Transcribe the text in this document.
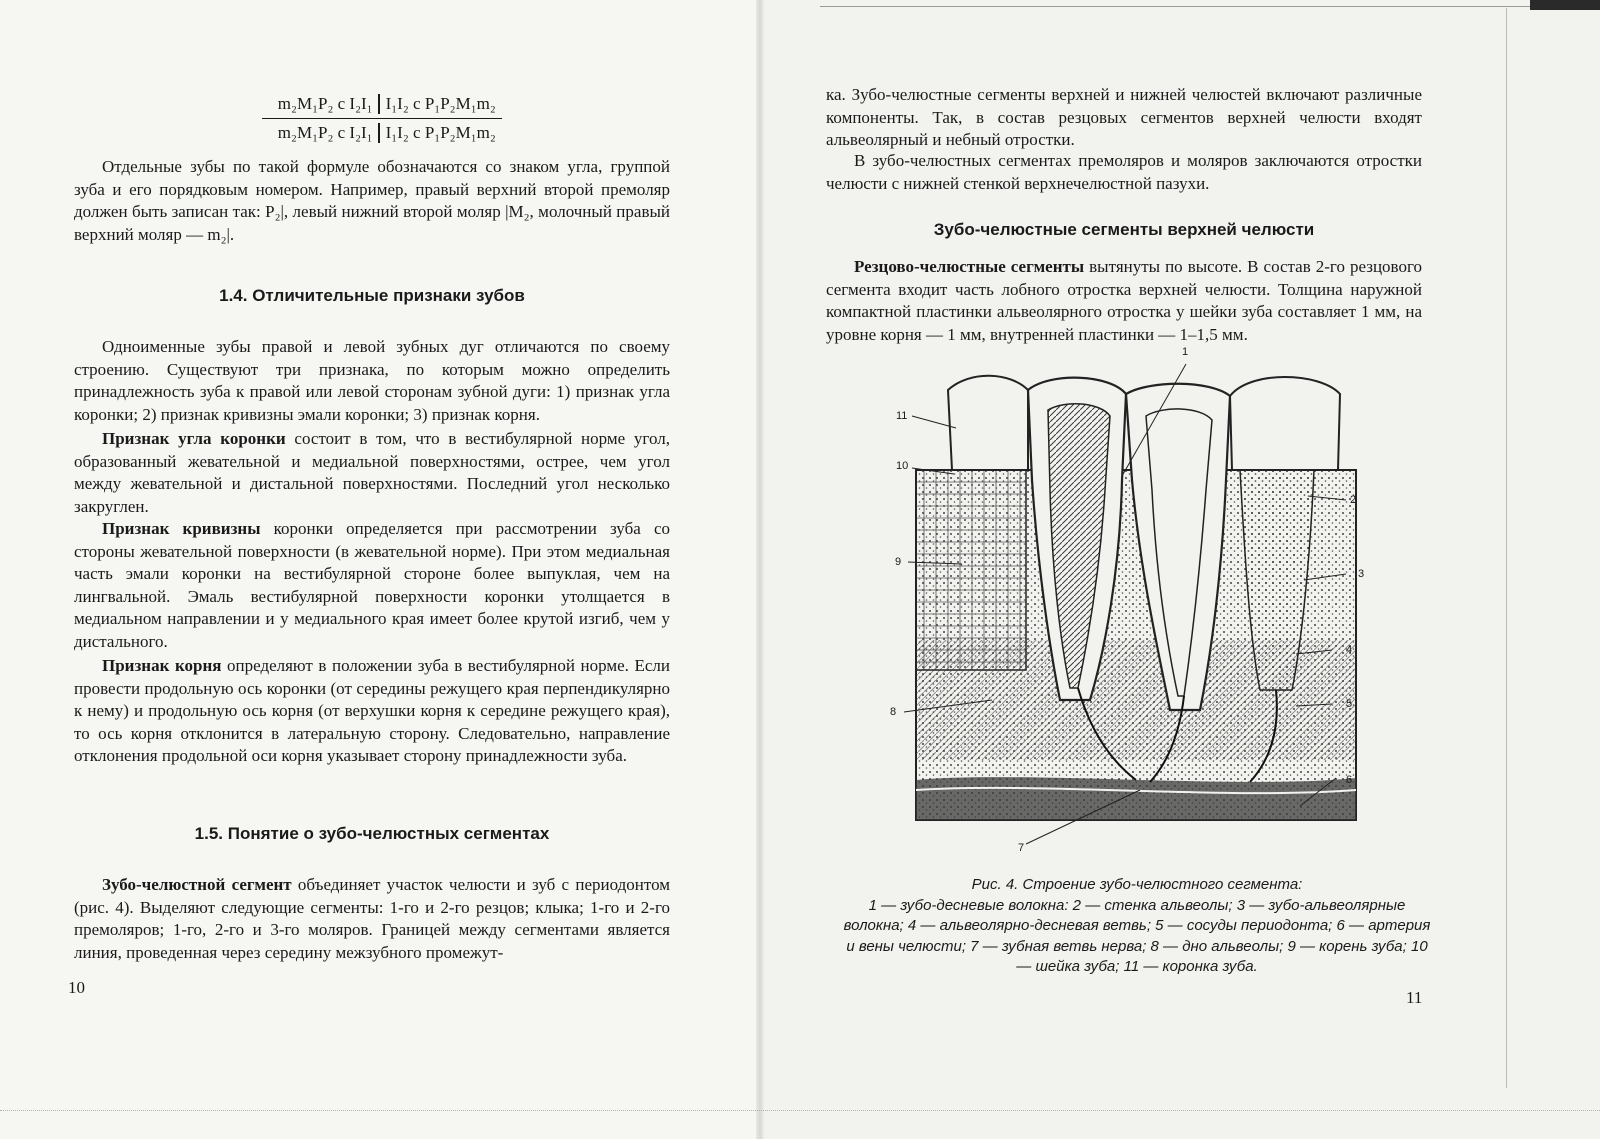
m₂M₁P₂ c I₂I₁ I₁I₂ c P₁P₂M₁m₂
m₂M₁P₂ c I₂I₁ I₁I₂ c P₁P₂M₁m₂

Отдельные зубы по такой формуле обозначаются со знаком угла, группой зуба и его порядковым номером. Например, правый верхний второй премоляр должен быть записан так: P₂|, левый нижний второй моляр |M₂, молочный правый верхний моляр — m₂|.

1.4. Отличительные признаки зубов

Одноименные зубы правой и левой зубных дуг отличаются по своему строению. Существуют три признака, по которым можно определить принадлежность зуба к правой или левой сторонам зубной дуги: 1) признак угла коронки; 2) признак кривизны эмали коронки; 3) признак корня.

Признак угла коронки состоит в том, что в вестибулярной норме угол, образованный жевательной и медиальной поверхностями, острее, чем угол между жевательной и дистальной поверхностями. Последний угол несколько закруглен.

Признак кривизны коронки определяется при рассмотрении зуба со стороны жевательной поверхности (в жевательной норме). При этом медиальная часть эмали коронки на вестибулярной стороне более выпуклая, чем на лингвальной. Эмаль вестибулярной поверхности коронки утолщается в медиальном направлении и у медиального края имеет более крутой изгиб, чем у дистального.

Признак корня определяют в положении зуба в вестибулярной норме. Если провести продольную ось коронки (от середины режущего края перпендикулярно к нему) и продольную ось корня (от верхушки корня к середине режущего края), то ось корня отклонится в латеральную сторону. Следовательно, направление отклонения продольной оси корня указывает сторону принадлежности зуба.

1.5. Понятие о зубо-челюстных сегментах

Зубо-челюстной сегмент объединяет участок челюсти и зуб с периодонтом (рис. 4). Выделяют следующие сегменты: 1-го и 2-го резцов; клыка; 1-го и 2-го премоляров; 1-го, 2-го и 3-го моляров. Границей между сегментами является линия, проведенная через середину межзубного промежут-

10

ка. Зубо-челюстные сегменты верхней и нижней челюстей включают различные компоненты. Так, в состав резцовых сегментов верхней челюсти входят альвеолярный и небный отростки.

В зубо-челюстных сегментах премоляров и моляров заключаются отростки челюсти с нижней стенкой верхнечелюстной пазухи.

Зубо-челюстные сегменты верхней челюсти

Резцово-челюстные сегменты вытянуты по высоте. В состав 2-го резцового сегмента входит часть лобного отростка верхней челюсти. Толщина наружной компактной пластинки альвеолярного отростка у шейки зуба составляет 1 мм, на уровне корня — 1 мм, внутренней пластинки — 1–1,5 мм.

1
2
3
4
5
6
7
8
9
10
11
Рис. 4. Строение зубо-челюстного сегмента:
1 — зубо-десневые волокна: 2 — стенка альвеолы; 3 — зубо-альвеолярные волокна; 4 — альвеолярно-десневая ветвь; 5 — сосуды периодонта; 6 — артерия и вены челюсти; 7 — зубная ветвь нерва; 8 — дно альвеолы; 9 — корень зуба; 10 — шейка зуба; 11 — коронка зуба.
11
